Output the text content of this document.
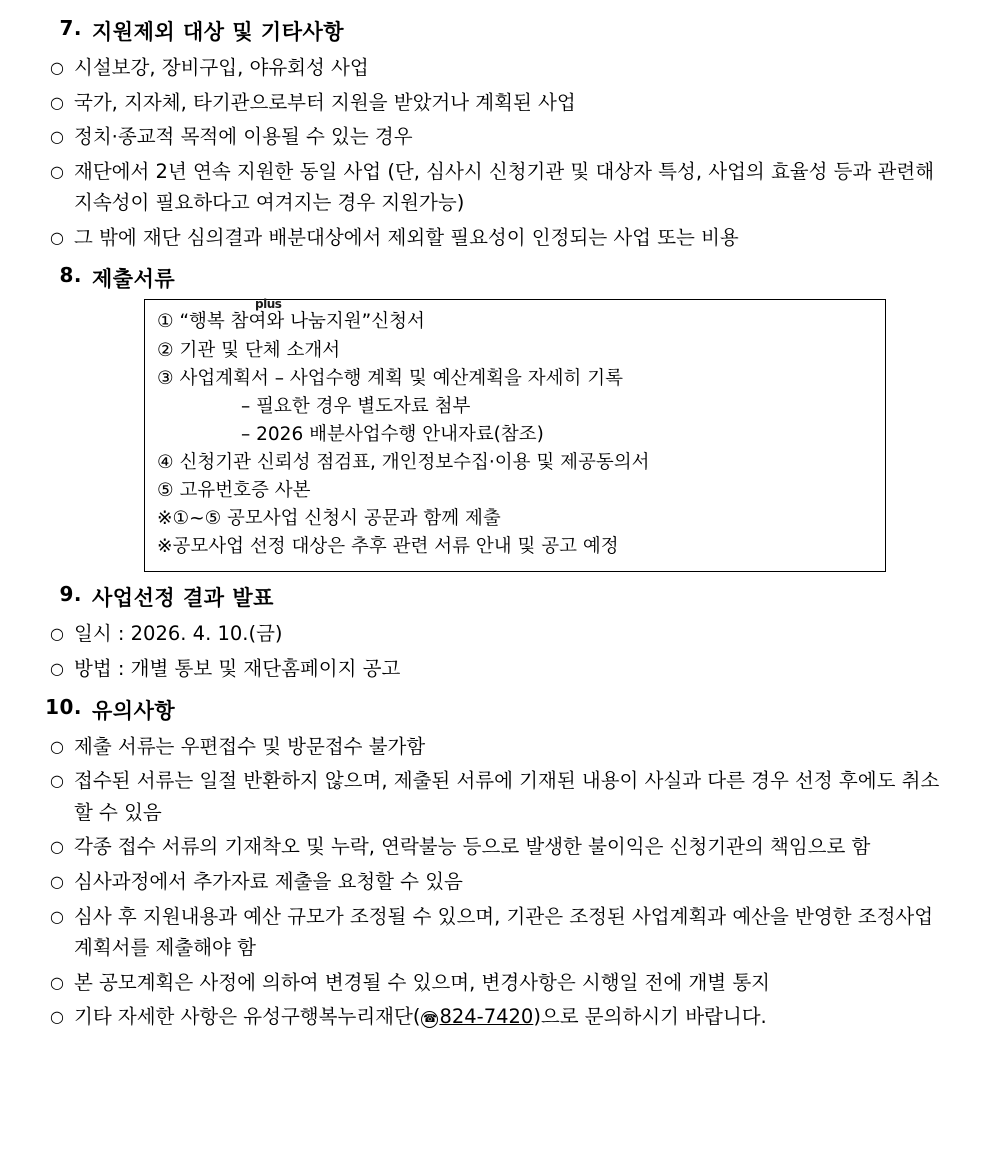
7. 지원제외 대상 및 기타사항
○ 시설보강, 장비구입, 야유회성 사업
○ 국가, 지자체, 타기관으로부터 지원을 받았거나 계획된 사업
○ 정치·종교적 목적에 이용될 수 있는 경우
○ 재단에서 2년 연속 지원한 동일 사업 (단, 심사시 신청기관 및 대상자 특성, 사업의 효율성 등과 관련해 지속성이 필요하다고 여겨지는 경우 지원가능)
○ 그 밖에 재단 심의결과 배분대상에서 제외할 필요성이 인정되는 사업 또는 비용
8. 제출서류
plus
① “행복 참여와 나눔지원”신청서
② 기관 및 단체 소개서
③ 사업계획서 – 사업수행 계획 및 예산계획을 자세히 기록
– 필요한 경우 별도자료 첨부
– 2026 배분사업수행 안내자료(참조)
④ 신청기관 신뢰성 점검표, 개인정보수집·이용 및 제공동의서
⑤ 고유번호증 사본
※①~⑤ 공모사업 신청시 공문과 함께 제출
※공모사업 선정 대상은 추후 관련 서류 안내 및 공고 예정
9. 사업선정 결과 발표
○ 일시 : 2026. 4. 10.(금)
○ 방법 : 개별 통보 및 재단홈페이지 공고
10. 유의사항
○ 제출 서류는 우편접수 및 방문접수 불가함
○ 접수된 서류는 일절 반환하지 않으며, 제출된 서류에 기재된 내용이 사실과 다른 경우 선정 후에도 취소할 수 있음
○ 각종 접수 서류의 기재착오 및 누락, 연락불능 등으로 발생한 불이익은 신청기관의 책임으로 함
○ 심사과정에서 추가자료 제출을 요청할 수 있음
○ 심사 후 지원내용과 예산 규모가 조정될 수 있으며, 기관은 조정된 사업계획과 예산을 반영한 조정사업계획서를 제출해야 함
○ 본 공모계획은 사정에 의하여 변경될 수 있으며, 변경사항은 시행일 전에 개별 통지
○ 기타 자세한 사항은 유성구행복누리재단( ☎ 824-7420)으로 문의하시기 바랍니다.
